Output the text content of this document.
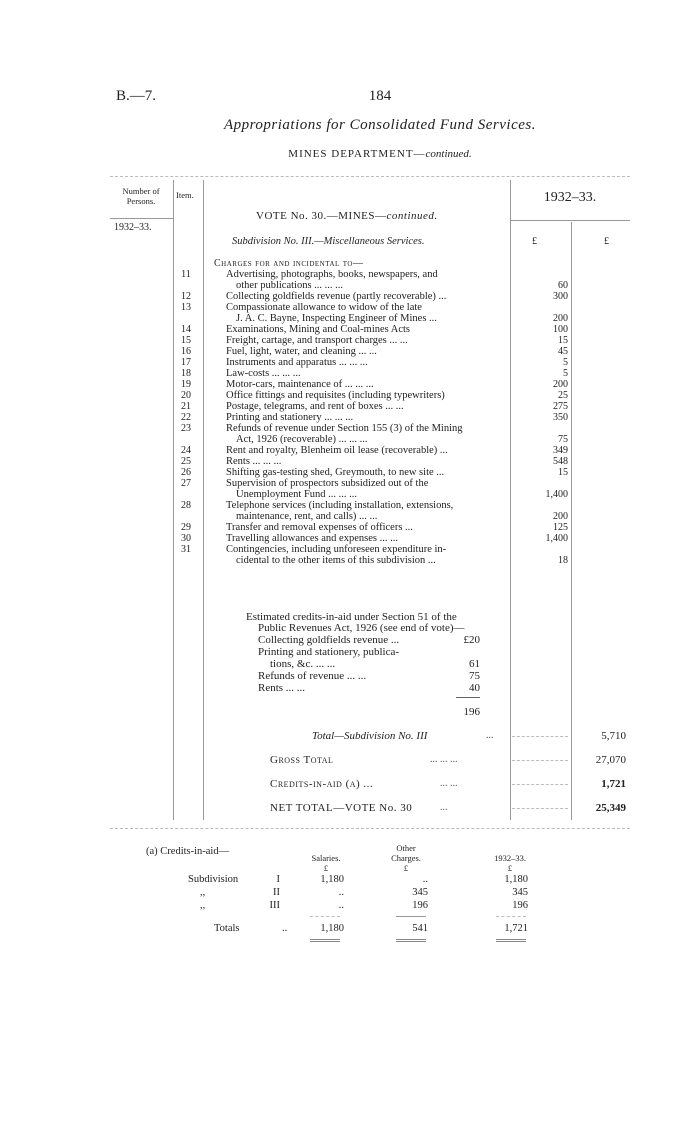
B.—7.	184
Appropriations for Consolidated Fund Services.
MINES DEPARTMENT—continued.
Number of Persons.
Item.	1932–33.
1932–33.
£	£
VOTE No. 30.—MINES—continued.
Subdivision No. III.—Miscellaneous Services.
Charges for and incidental to—
11	Advertising, photographs, books, newspapers, and
other publications ... ... ...	60
12	Collecting goldfields revenue (partly recoverable) ...	300
13	Compassionate allowance to widow of the late
J. A. C. Bayne, Inspecting Engineer of Mines ...	200
14	Examinations, Mining and Coal-mines Acts	100
15	Freight, cartage, and transport charges ... ...	15
16	Fuel, light, water, and cleaning ... ...	45
17	Instruments and apparatus ... ... ...	5
18	Law-costs ... ... ...	5
19	Motor-cars, maintenance of ... ... ...	200
20	Office fittings and requisites (including typewriters)	25
21	Postage, telegrams, and rent of boxes ... ...	275
22	Printing and stationery ... ... ...	350
23	Refunds of revenue under Section 155 (3) of the Mining
Act, 1926 (recoverable) ... ... ...	75
24	Rent and royalty, Blenheim oil lease (recoverable) ...	349
25	Rents ... ... ...	548
26	Shifting gas-testing shed, Greymouth, to new site ...	15
27	Supervision of prospectors subsidized out of the
Unemployment Fund ... ... ...	1,400
28	Telephone services (including installation, extensions,
maintenance, rent, and calls) ... ...	200
29	Transfer and removal expenses of officers ...	125
30	Travelling allowances and expenses ... ...	1,400
31	Contingencies, including unforeseen expenditure in-
cidental to the other items of this subdivision ...	18
Estimated credits-in-aid under Section 51 of the
Public Revenues Act, 1926 (see end of vote)—
Collecting goldfields revenue ...	£20
Printing and stationery, publica-
tions, &c. ... ...	61
Refunds of revenue ... ...	75
Rents ... ...	40
196
Total—Subdivision No. III	...	5,710
Gross Total	... ... ...	27,070
Credits-in-aid (a) ...	... ...	1,721
NET TOTAL—VOTE No. 30	...	25,349
(a) Credits-in-aid—	Other
Salaries.	Charges.	1932–33.
£	£	£
Subdivision	I	1,180	..	1,180
,,	II	..	345	345
,,	III	..	196	196
Totals	..	1,180	541	1,721
